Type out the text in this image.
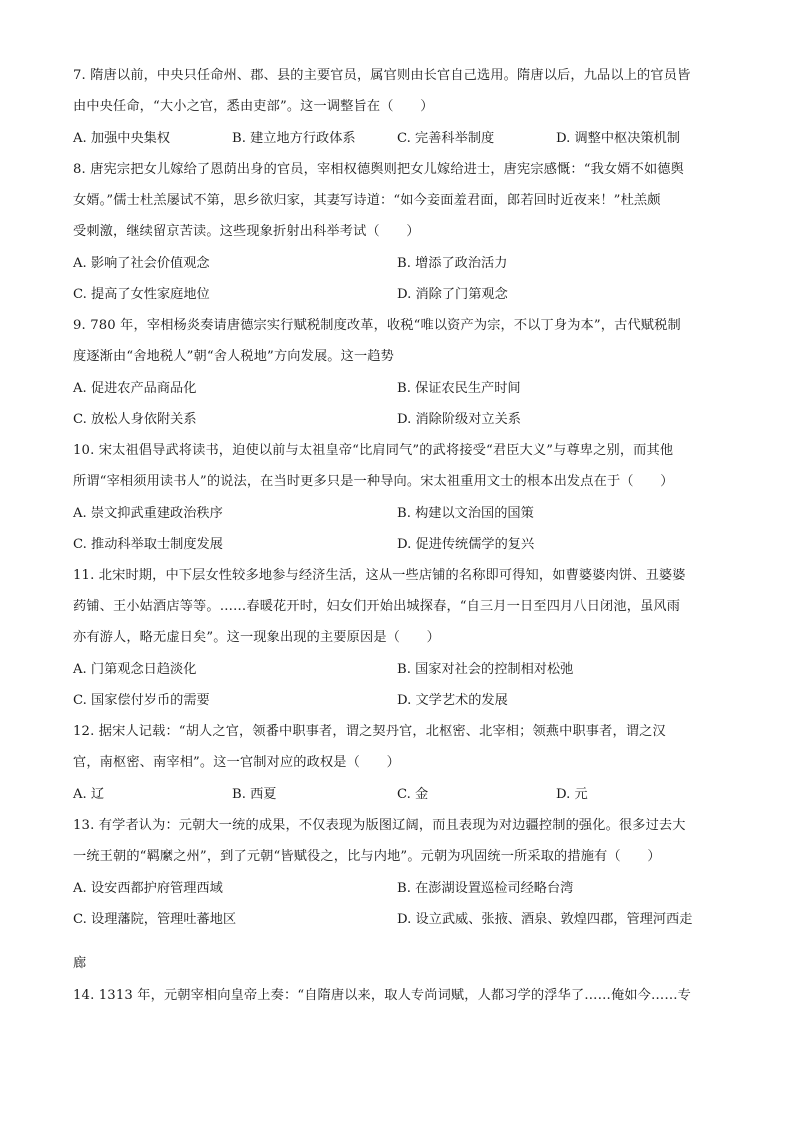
7. 隋唐以前，中央只任命州、郡、县的主要官员，属官则由长官自己选用。隋唐以后，九品以上的官员皆
由中央任命，“大小之官，悉由吏部”。这一调整旨在（　　）
A. 加强中央集权	B. 建立地方行政体系	C. 完善科举制度	D. 调整中枢决策机制
8. 唐宪宗把女儿嫁给了恩荫出身的官员，宰相权德舆则把女儿嫁给进士，唐宪宗感慨：“我女婿不如德舆
女婿。”儒士杜羔屡试不第，思乡欲归家，其妻写诗道：“如今妾面羞君面，郎若回时近夜来！”杜羔颇
受刺激，继续留京苦读。这些现象折射出科举考试（　　）
A. 影响了社会价值观念	B. 增添了政治活力
C. 提高了女性家庭地位	D. 消除了门第观念
9. 780 年，宰相杨炎奏请唐德宗实行赋税制度改革，收税“唯以资产为宗，不以丁身为本”，古代赋税制
度逐渐由“舍地税人”朝“舍人税地”方向发展。这一趋势
A. 促进农产品商品化	B. 保证农民生产时间
C. 放松人身依附关系	D. 消除阶级对立关系
10. 宋太祖倡导武将读书，迫使以前与太祖皇帝“比肩同气”的武将接受“君臣大义”与尊卑之别，而其他
所谓“宰相须用读书人”的说法，在当时更多只是一种导向。宋太祖重用文士的根本出发点在于（　　）
A. 崇文抑武重建政治秩序	B. 构建以文治国的国策
C. 推动科举取士制度发展	D. 促进传统儒学的复兴
11. 北宋时期，中下层女性较多地参与经济生活，这从一些店铺的名称即可得知，如曹婆婆肉饼、丑婆婆
药铺、王小姑酒店等等。……春暖花开时，妇女们开始出城探春，“自三月一日至四月八日闭池，虽风雨
亦有游人，略无虚日矣”。这一现象出现的主要原因是（　　）
A. 门第观念日趋淡化	B. 国家对社会的控制相对松弛
C. 国家偿付岁币的需要	D. 文学艺术的发展
12. 据宋人记载：“胡人之官，领番中职事者，谓之契丹官，北枢密、北宰相；领燕中职事者，谓之汉
官，南枢密、南宰相”。这一官制对应的政权是（　　）
A. 辽	B. 西夏	C. 金	D. 元
13. 有学者认为：元朝大一统的成果，不仅表现为版图辽阔，而且表现为对边疆控制的强化。很多过去大
一统王朝的“羁縻之州”，到了元朝“皆赋役之，比与内地”。元朝为巩固统一所采取的措施有（　　）
A. 设安西都护府管理西域	B. 在澎湖设置巡检司经略台湾
C. 设理藩院，管理吐蕃地区	D. 设立武威、张掖、酒泉、敦煌四郡，管理河西走
廊
14. 1313 年，元朝宰相向皇帝上奏：“自隋唐以来，取人专尚词赋，人都习学的浮华了……俺如今……专
